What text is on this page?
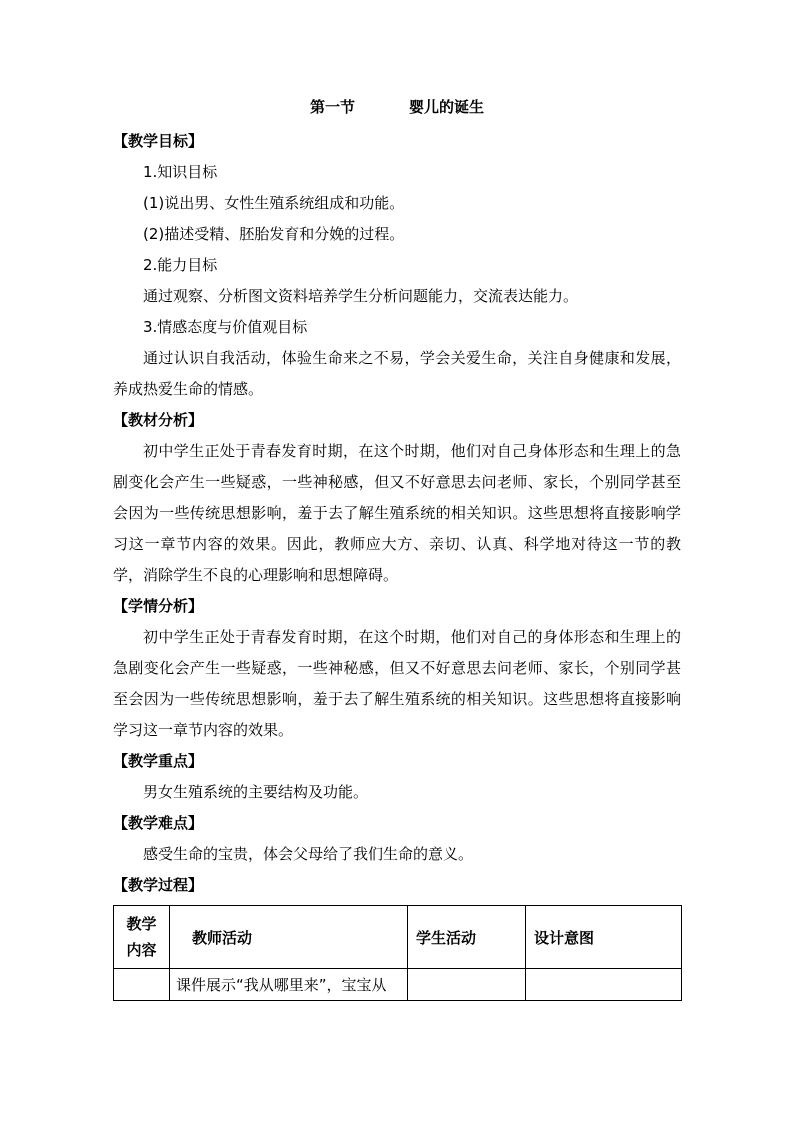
第一节	婴儿的诞生

【教学目标】

1.知识目标

(1)说出男、女性生殖系统组成和功能。

(2)描述受精、胚胎发育和分娩的过程。

2.能力目标

通过观察、分析图文资料培养学生分析问题能力，交流表达能力。

3.情感态度与价值观目标

通过认识自我活动，体验生命来之不易，学会关爱生命，关注自身健康和发展，养成热爱生命的情感。

【教材分析】

初中学生正处于青春发育时期，在这个时期，他们对自己身体形态和生理上的急剧变化会产生一些疑惑，一些神秘感，但又不好意思去问老师、家长，个别同学甚至会因为一些传统思想影响，羞于去了解生殖系统的相关知识。这些思想将直接影响学习这一章节内容的效果。因此，教师应大方、亲切、认真、科学地对待这一节的教学，消除学生不良的心理影响和思想障碍。

【学情分析】

初中学生正处于青春发育时期，在这个时期，他们对自己的身体形态和生理上的急剧变化会产生一些疑惑，一些神秘感，但又不好意思去问老师、家长，个别同学甚至会因为一些传统思想影响，羞于去了解生殖系统的相关知识。这些思想将直接影响学习这一章节内容的效果。

【教学重点】

男女生殖系统的主要结构及功能。

【教学难点】

感受生命的宝贵，体会父母给了我们生命的意义。

【教学过程】

教学内容	教师活动	学生活动	设计意图
	课件展示“我从哪里来”，宝宝从		
